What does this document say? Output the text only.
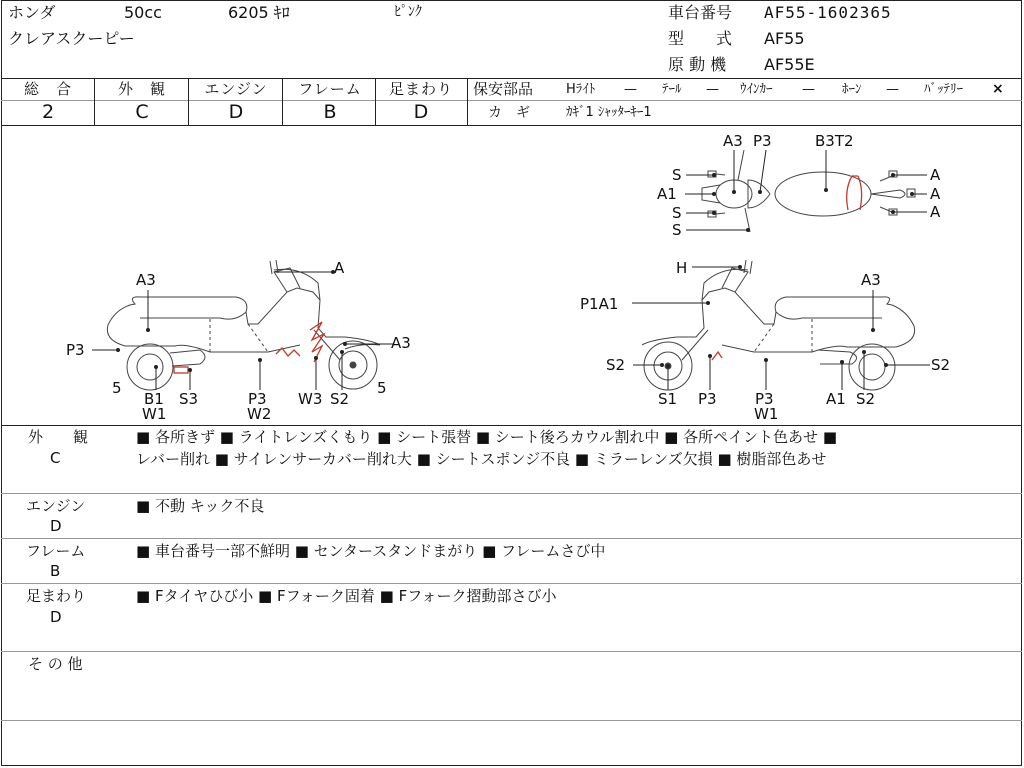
ホンダ	50cc	6205 ｷﾛ	ﾋﾟﾝｸ
クレアスクーピー
車台番号 AF55-1602365
型　　式 AF55
原 動 機 AF55E
総　合	外　観	エンジン	フレーム	足まわり
2	C	D	B	D
保安部品	Hﾗｲﾄ — ﾃｰﾙ — ｳｲﾝｶｰ — ﾎｰﾝ — ﾊﾞｯﾃﾘｰ ×
カ　ギ	ｶｷﾞ1 ｼｬｯﾀｰｷｰ1
A3 P3	B3T2
S
A1
S
S
A
A
A
A3
A
A3
P3
5
B1
W1
S3	P3
W2
W3 S2
5
H
A3
P1A1
S2
S1 P3	P3
W1
A1 S2
S2
外　　観
C
■ 各所きず ■ ライトレンズくもり ■ シート張替 ■ シート後ろカウル割れ中 ■ 各所ペイント色あせ ■
レバー削れ ■ サイレンサーカバー削れ大 ■ シートスポンジ不良 ■ ミラーレンズ欠損 ■ 樹脂部色あせ
エンジン
D
■ 不動 キック不良
フレーム
B
■ 車台番号一部不鮮明 ■ センタースタンドまがり ■ フレームさび中
足まわり
D
■ Fタイヤひび小 ■ Fフォーク固着 ■ Fフォーク摺動部さび小
そ の 他
